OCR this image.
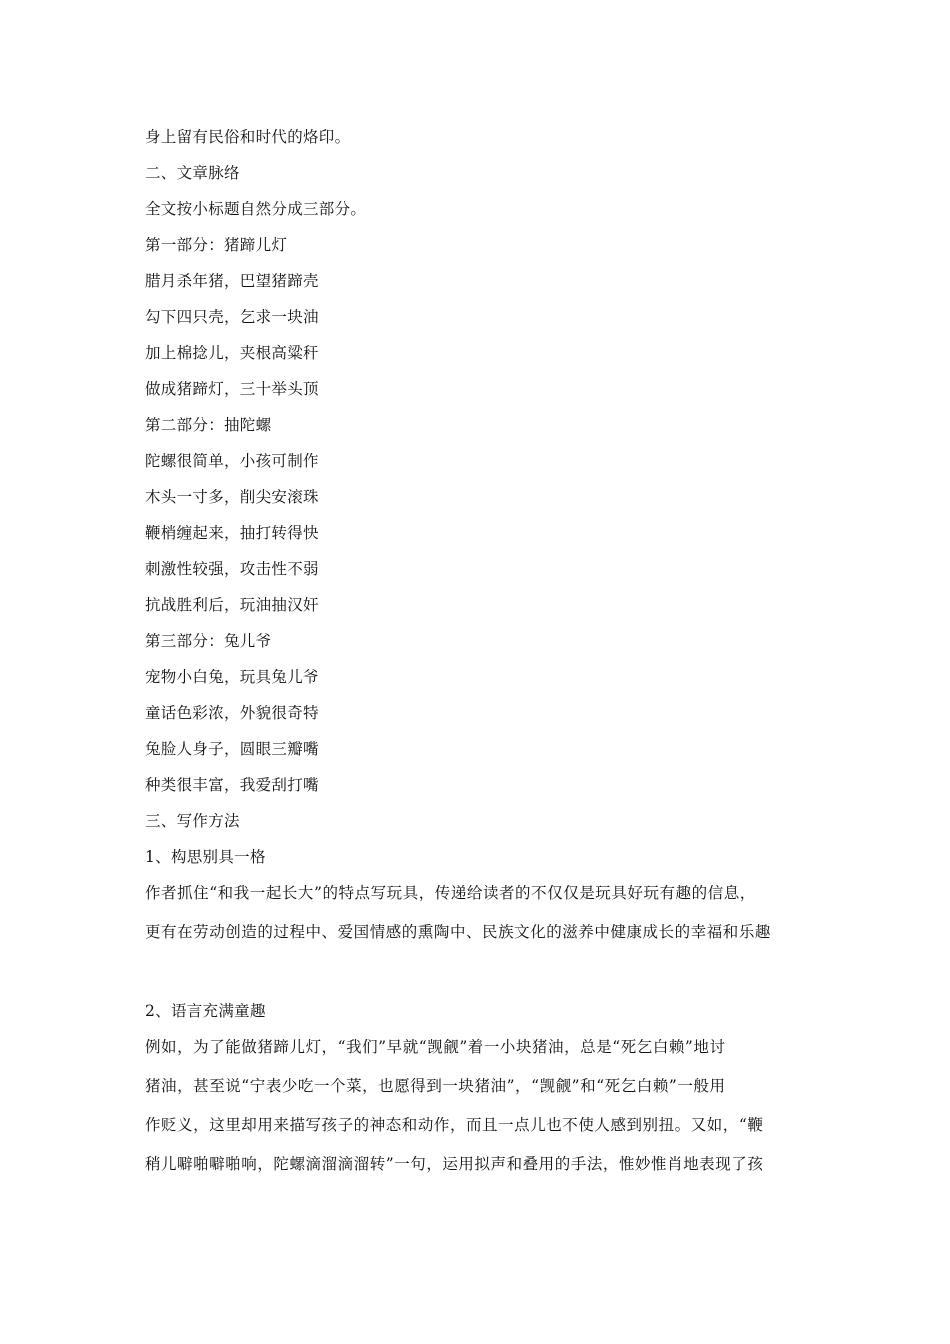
身上留有民俗和时代的烙印。
二、文章脉络
全文按小标题自然分成三部分。
第一部分：猪蹄儿灯
腊月杀年猪，巴望猪蹄壳
勾下四只壳，乞求一块油
加上棉捻儿，夹根高粱秆
做成猪蹄灯，三十举头顶
第二部分：抽陀螺
陀螺很简单，小孩可制作
木头一寸多，削尖安滚珠
鞭梢缠起来，抽打转得快
刺激性较强，攻击性不弱
抗战胜利后，玩油抽汉奸
第三部分：兔儿爷
宠物小白兔，玩具兔儿爷
童话色彩浓，外貌很奇特
兔脸人身子，圆眼三瓣嘴
种类很丰富，我爱刮打嘴
三、写作方法
1、构思别具一格
作者抓住“和我一起长大”的特点写玩具，传递给读者的不仅仅是玩具好玩有趣的信息，
更有在劳动创造的过程中、爱国情感的熏陶中、民族文化的滋养中健康成长的幸福和乐趣
2、语言充满童趣
例如，为了能做猪蹄儿灯，“我们”早就“觊觎”着一小块猪油，总是“死乞白赖”地讨
猪油，甚至说“宁表少吃一个菜，也愿得到一块猪油”，“觊觎”和“死乞白赖”一般用
作贬义，这里却用来描写孩子的神态和动作，而且一点儿也不使人感到别扭。又如，“鞭
稍儿噼啪噼啪响，陀螺滴溜滴溜转”一句，运用拟声和叠用的手法，惟妙惟肖地表现了孩
